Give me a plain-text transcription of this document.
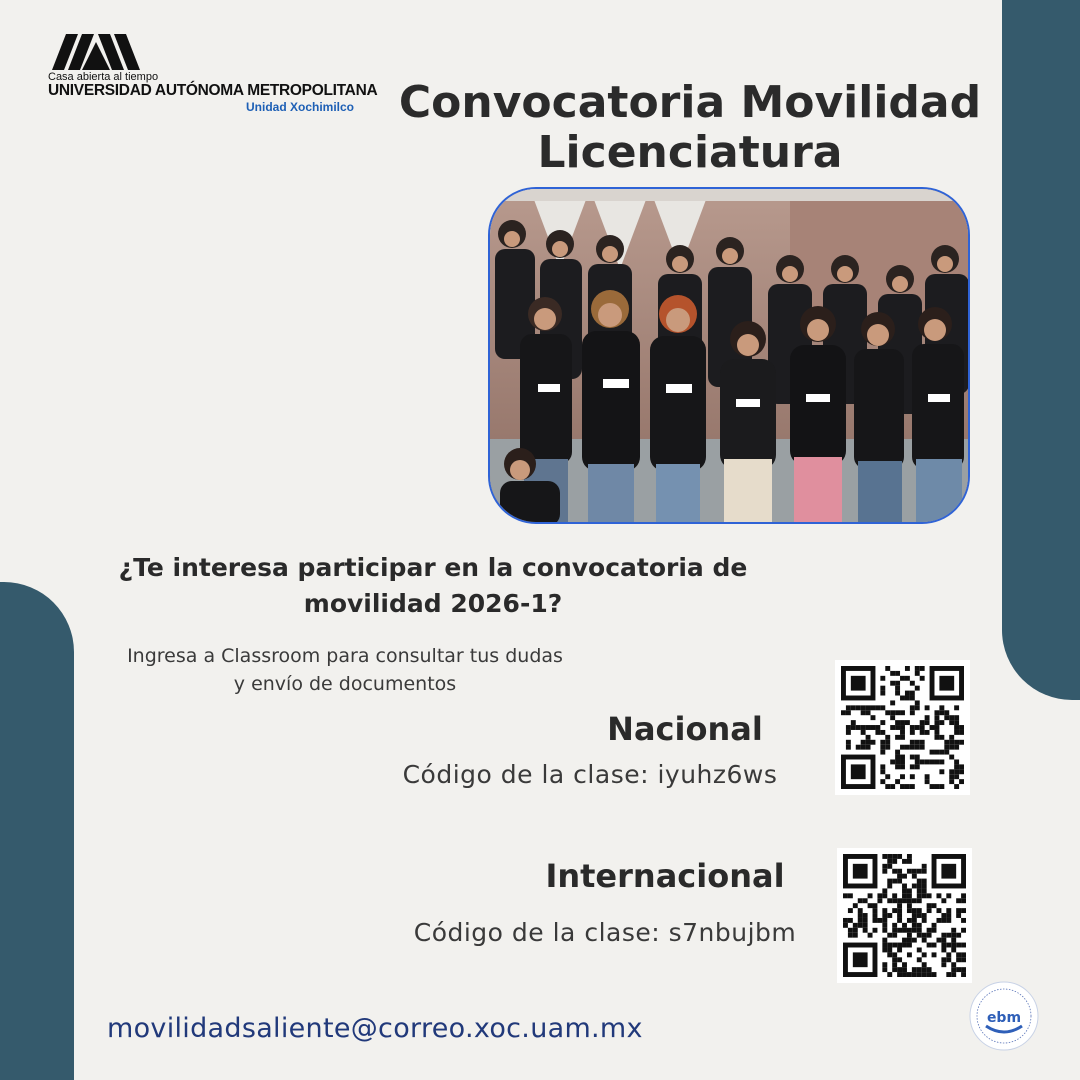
Casa abierta al tiempo
UNIVERSIDAD AUTÓNOMA METROPOLITANA
Unidad Xochimilco	Convocatoria Movilidad
Licenciatura
¿Te interesa participar en la convocatoria de
movilidad 2026-1?
Ingresa a Classroom para consultar tus dudas
y envío de documentos
Nacional
Código de la clase: iyuhz6ws
Internacional
Código de la clase: s7nbujbm
movilidadsaliente@correo.xoc.uam.mx	ebm
